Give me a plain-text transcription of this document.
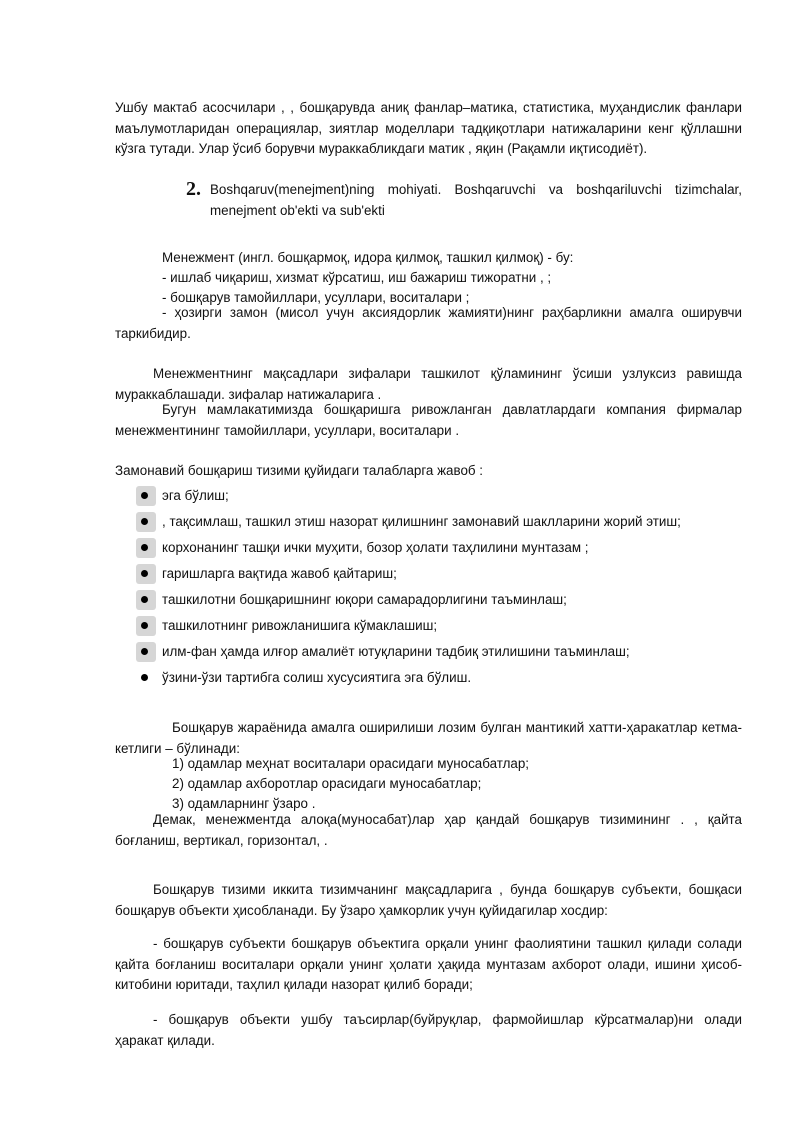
Ушбу мактаб асосчилари , , бошқарувда аниқ фанлар–матика, статистика, муҳандислик фанлари маълумотларидан операциялар, зиятлар моделлари тадқиқотлари натижаларини кенг қўллашни кўзга тутади. Улар ўсиб борувчи мураккабликдаги матик , яқин (Рақамли иқтисодиёт).

2. Boshqaruv(menejment)ning mohiyati. Boshqaruvchi va boshqariluvchi tizimchalar, menejment ob'ekti va sub'ekti

Менежмент (ингл. бошқармоқ, идора қилмоқ, ташкил қилмоқ) - бу:

- ишлаб чиқариш, хизмат кўрсатиш, иш бажариш тижоратни , ;

- бошқарув тамойиллари, усуллари, воситалари ;

- ҳозирги замон (мисол учун аксиядорлик жамияти)нинг раҳбарликни амалга оширувчи таркибидир.

Менежментнинг мақсадлари зифалари ташкилот қўламининг ўсиши узлуксиз равишда мураккаблашади. зифалар натижаларига .

Бугун мамлакатимизда бошқаришга ривожланган давлатлардаги компания фирмалар менежментининг тамойиллари, усуллари, воситалари .

Замонавий бошқариш тизими қуйидаги талабларга жавоб :

эга бўлиш;
, тақсимлаш, ташкил этиш назорат қилишнинг замонавий шаклларини жорий этиш;
корхонанинг ташқи ички муҳити, бозор ҳолати таҳлилини мунтазам ;
гаришларга вақтида жавоб қайтариш;
ташкилотни бошқаришнинг юқори самарадорлигини таъминлаш;
ташкилотнинг ривожланишига кўмаклашиш;
илм-фан ҳамда илғор амалиёт ютуқларини тадбиқ этилишини таъминлаш;
ўзини-ўзи тартибга солиш хусусиятига эга бўлиш.

Бошқарув жараёнида амалга оширилиши лозим булган мантикий хатти-ҳаракатлар кетма-кетлиги – бўлинади:

1) одамлар меҳнат воситалари орасидаги муносабатлар;
2) одамлар ахборотлар орасидаги муносабатлар;
3) одамларнинг ўзаро .

Демак, менежментда алоқа(муносабат)лар ҳар қандай бошқарув тизимининг . , қайта боғланиш, вертикал, горизонтал, .

Бошқарув тизими иккита тизимчанинг мақсадларига , бунда бошқарув субъекти, бошқаси бошқарув объекти ҳисобланади. Бу ўзаро ҳамкорлик учун қуйидагилар хосдир:

- бошқарув субъекти бошқарув объектига орқали унинг фаолиятини ташкил қилади солади қайта боғланиш воситалари орқали унинг ҳолати ҳақида мунтазам ахборот олади, ишини ҳисоб-китобини юритади, таҳлил қилади назорат қилиб боради;

- бошқарув объекти ушбу таъсирлар(буйруқлар, фармойишлар кўрсатмалар)ни олади ҳаракат қилади.
